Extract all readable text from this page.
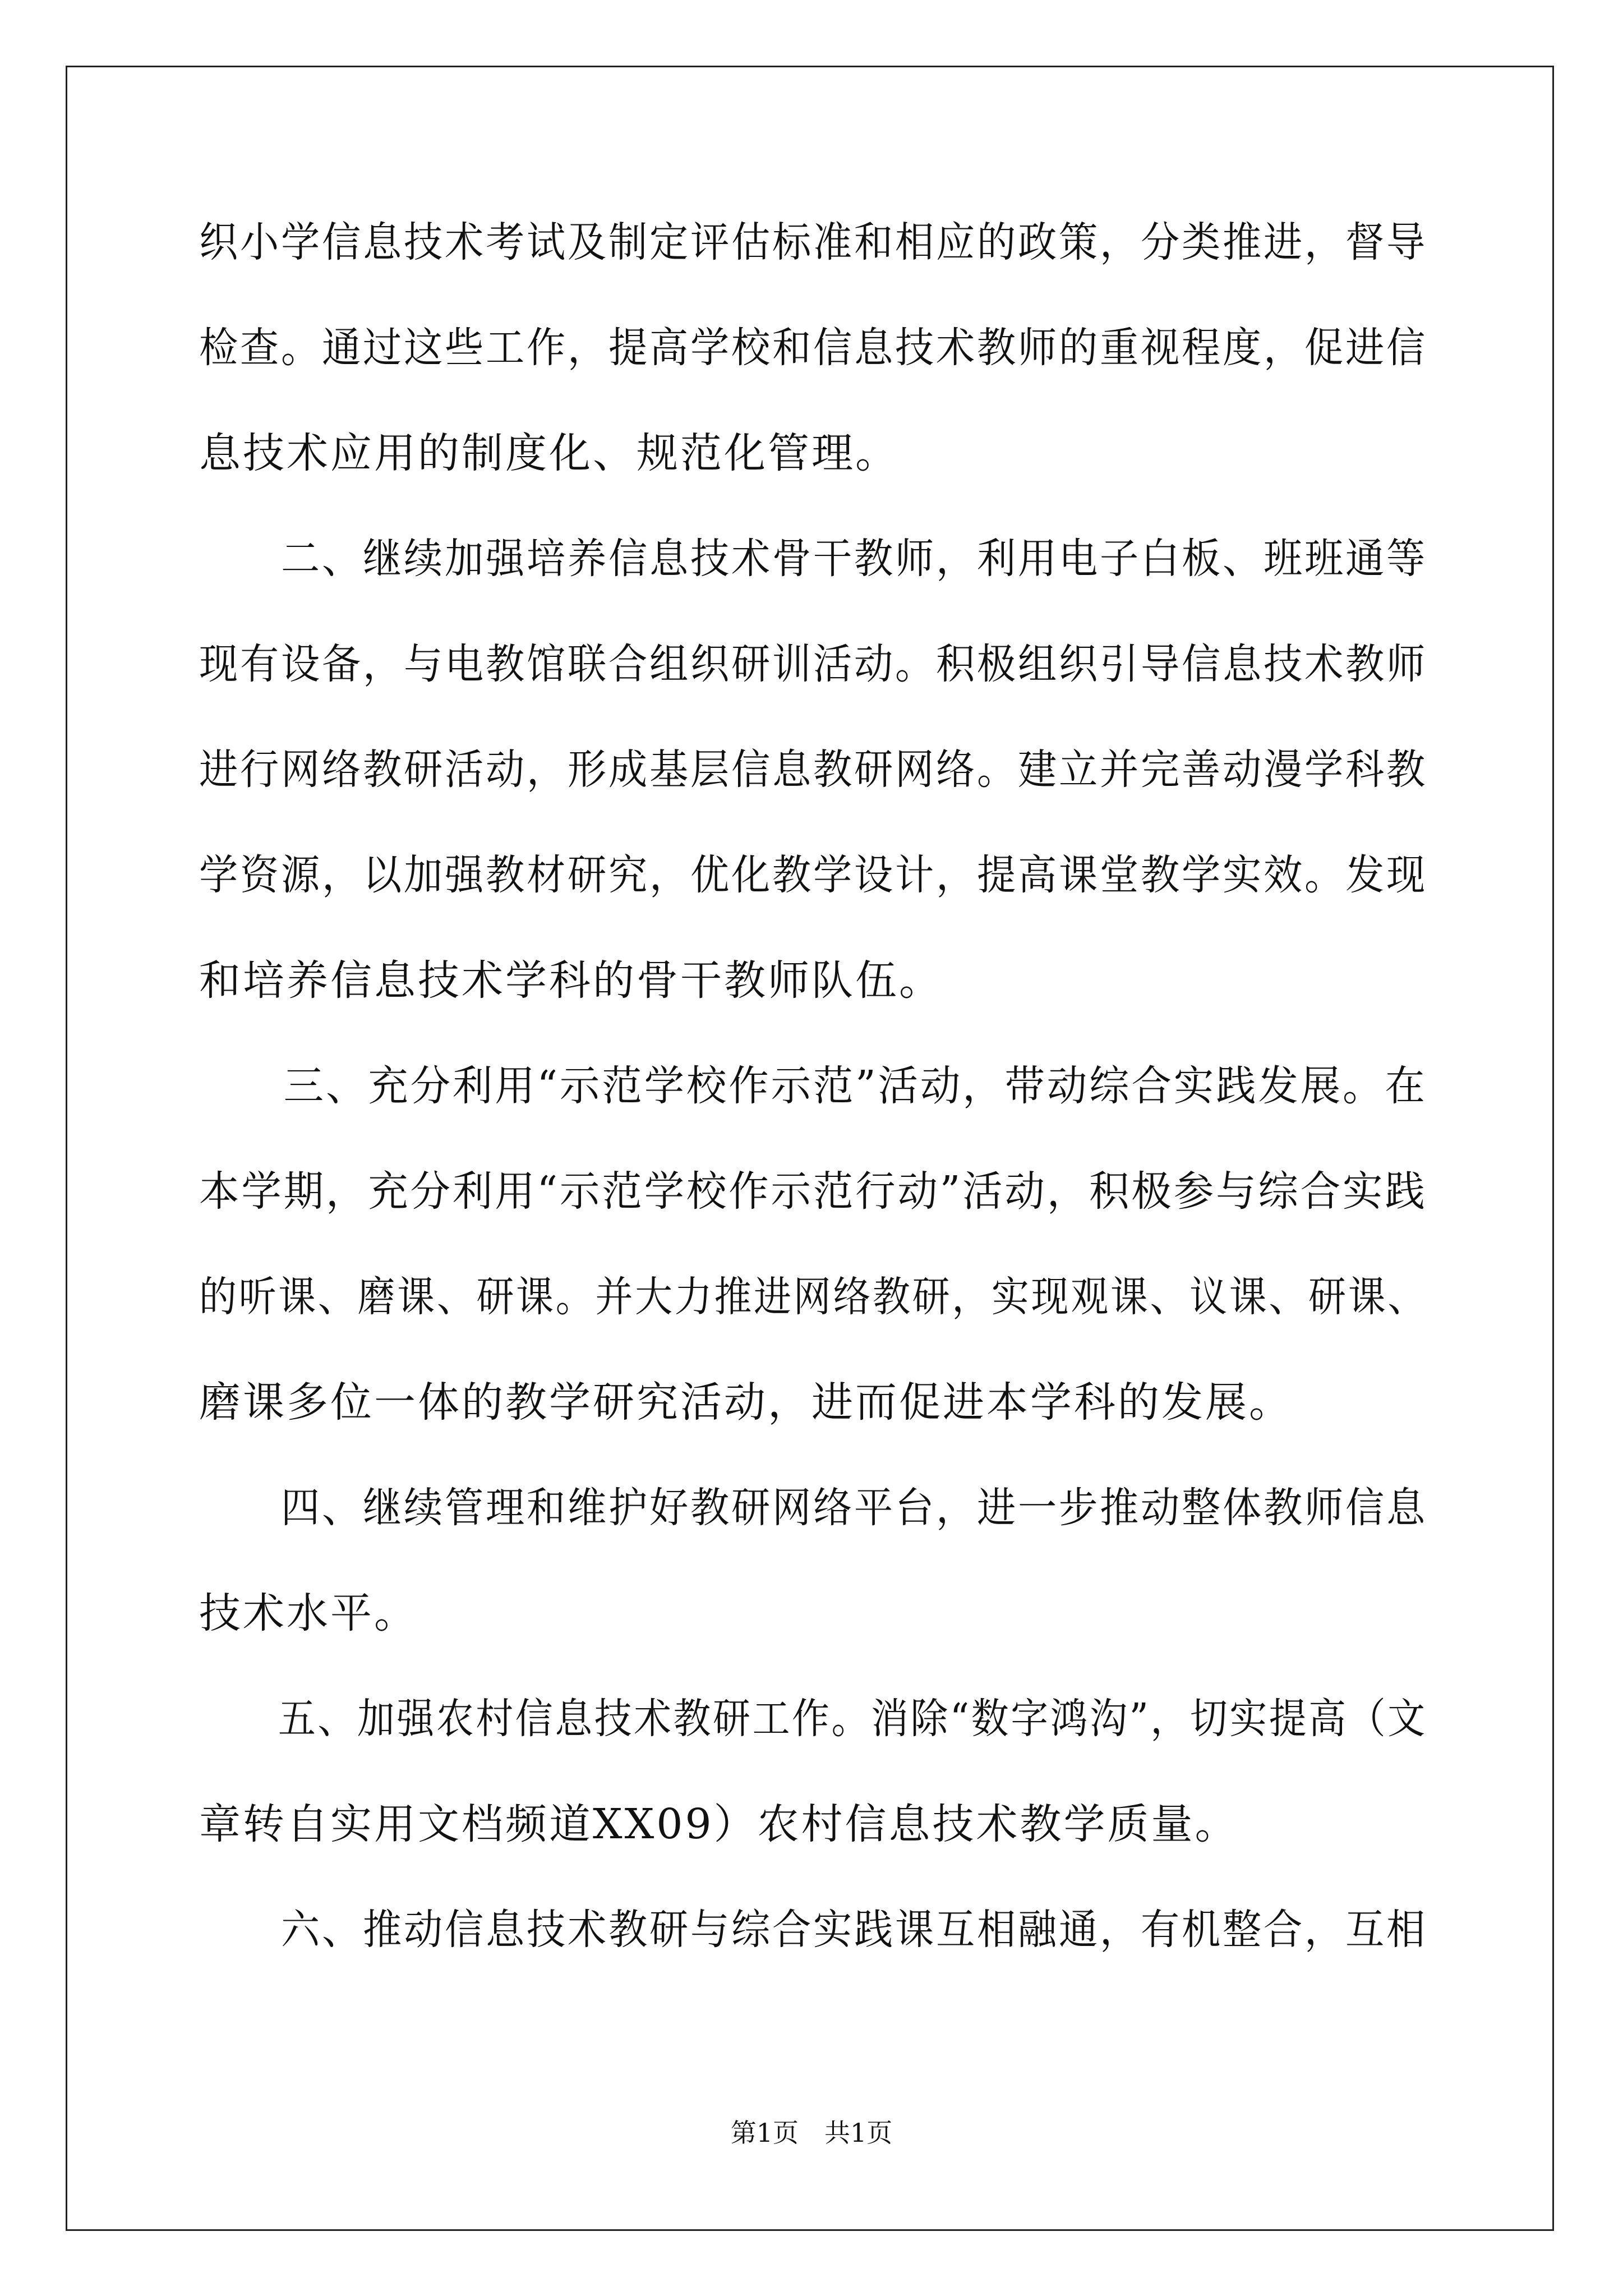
织小学信息技术考试及制定评估标准和相应的政策，分类推进，督导
检查。通过这些工作，提高学校和信息技术教师的重视程度，促进信
息技术应用的制度化、规范化管理。
　　二、继续加强培养信息技术骨干教师，利用电子白板、班班通等
现有设备，与电教馆联合组织研训活动。积极组织引导信息技术教师
进行网络教研活动，形成基层信息教研网络。建立并完善动漫学科教
学资源，以加强教材研究，优化教学设计，提高课堂教学实效。发现
和培养信息技术学科的骨干教师队伍。
　　三、充分利用“示范学校作示范”活动，带动综合实践发展。在
本学期，充分利用“示范学校作示范行动”活动，积极参与综合实践
的听课、磨课、研课。并大力推进网络教研，实现观课、议课、研课、
磨课多位一体的教学研究活动，进而促进本学科的发展。
　　四、继续管理和维护好教研网络平台，进一步推动整体教师信息
技术水平。
　　五、加强农村信息技术教研工作。消除“数字鸿沟”，切实提高（文
章转自实用文档频道XX09）农村信息技术教学质量。
　　六、推动信息技术教研与综合实践课互相融通，有机整合，互相
第1页　共1页
